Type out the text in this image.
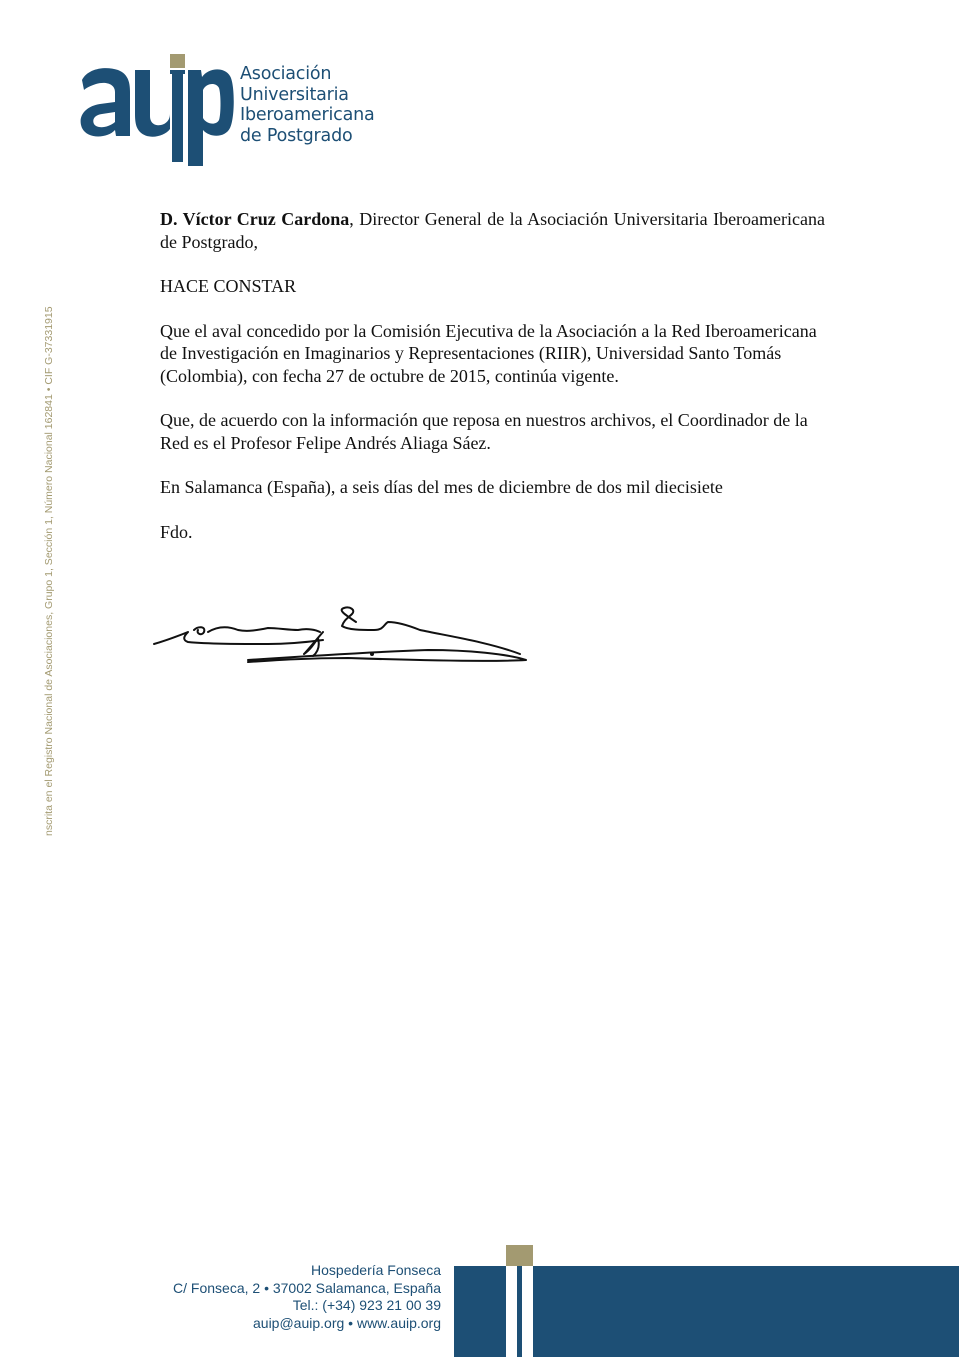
Asociación
Universitaria
Iberoamericana
de Postgrado
nscrita en el Registro Nacional de Asociaciones, Grupo 1, Sección 1, Número Nacional 162841 • CIF G-37331915

D. Víctor Cruz Cardona, Director General de la Asociación Universitaria Iberoamericana de Postgrado,

HACE CONSTAR

Que el aval concedido por la Comisión Ejecutiva de la Asociación a la Red Iberoamericana de Investigación en Imaginarios y Representaciones (RIIR), Universidad Santo Tomás (Colombia), con fecha 27 de octubre de 2015, continúa vigente.

Que, de acuerdo con la información que reposa en nuestros archivos, el Coordinador de la Red es el Profesor Felipe Andrés Aliaga Sáez.

En Salamanca (España), a seis días del mes de diciembre de dos mil diecisiete

Fdo.

Hospedería Fonseca
C/ Fonseca, 2 • 37002 Salamanca, España
Tel.: (+34) 923 21 00 39
auip@auip.org • www.auip.org
